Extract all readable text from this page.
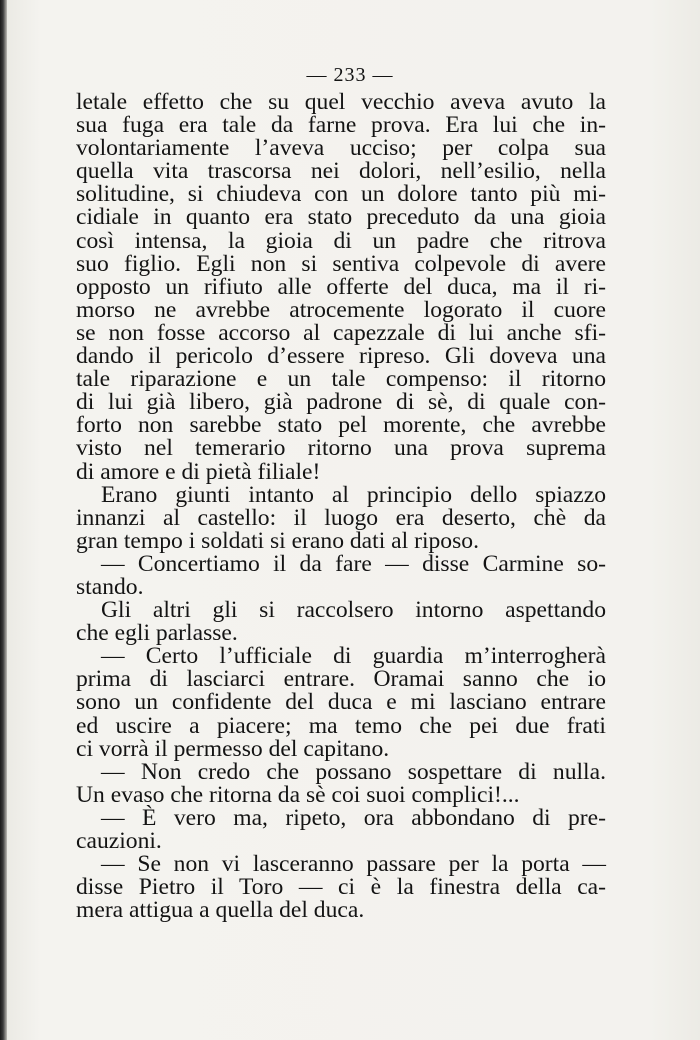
— 233 —
letale effetto che su quel vecchio aveva avuto la
sua fuga era tale da farne prova. Era lui che in-
volontariamente l’aveva ucciso; per colpa sua
quella vita trascorsa nei dolori, nell’esilio, nella
solitudine, si chiudeva con un dolore tanto più mi-
cidiale in quanto era stato preceduto da una gioia
così intensa, la gioia di un padre che ritrova
suo figlio. Egli non si sentiva colpevole di avere
opposto un rifiuto alle offerte del duca, ma il ri-
morso ne avrebbe atrocemente logorato il cuore
se non fosse accorso al capezzale di lui anche sfi-
dando il pericolo d’essere ripreso. Gli doveva una
tale riparazione e un tale compenso: il ritorno
di lui già libero, già padrone di sè, di quale con-
forto non sarebbe stato pel morente, che avrebbe
visto nel temerario ritorno una prova suprema
di amore e di pietà filiale!
Erano giunti intanto al principio dello spiazzo
innanzi al castello: il luogo era deserto, chè da
gran tempo i soldati si erano dati al riposo.
— Concertiamo il da fare — disse Carmine so-
stando.
Gli altri gli si raccolsero intorno aspettando
che egli parlasse.
— Certo l’ufficiale di guardia m’interrogherà
prima di lasciarci entrare. Oramai sanno che io
sono un confidente del duca e mi lasciano entrare
ed uscire a piacere; ma temo che pei due frati
ci vorrà il permesso del capitano.
— Non credo che possano sospettare di nulla.
Un evaso che ritorna da sè coi suoi complici!...
— È vero ma, ripeto, ora abbondano di pre-
cauzioni.
— Se non vi lasceranno passare per la porta —
disse Pietro il Toro — ci è la finestra della ca-
mera attigua a quella del duca.
